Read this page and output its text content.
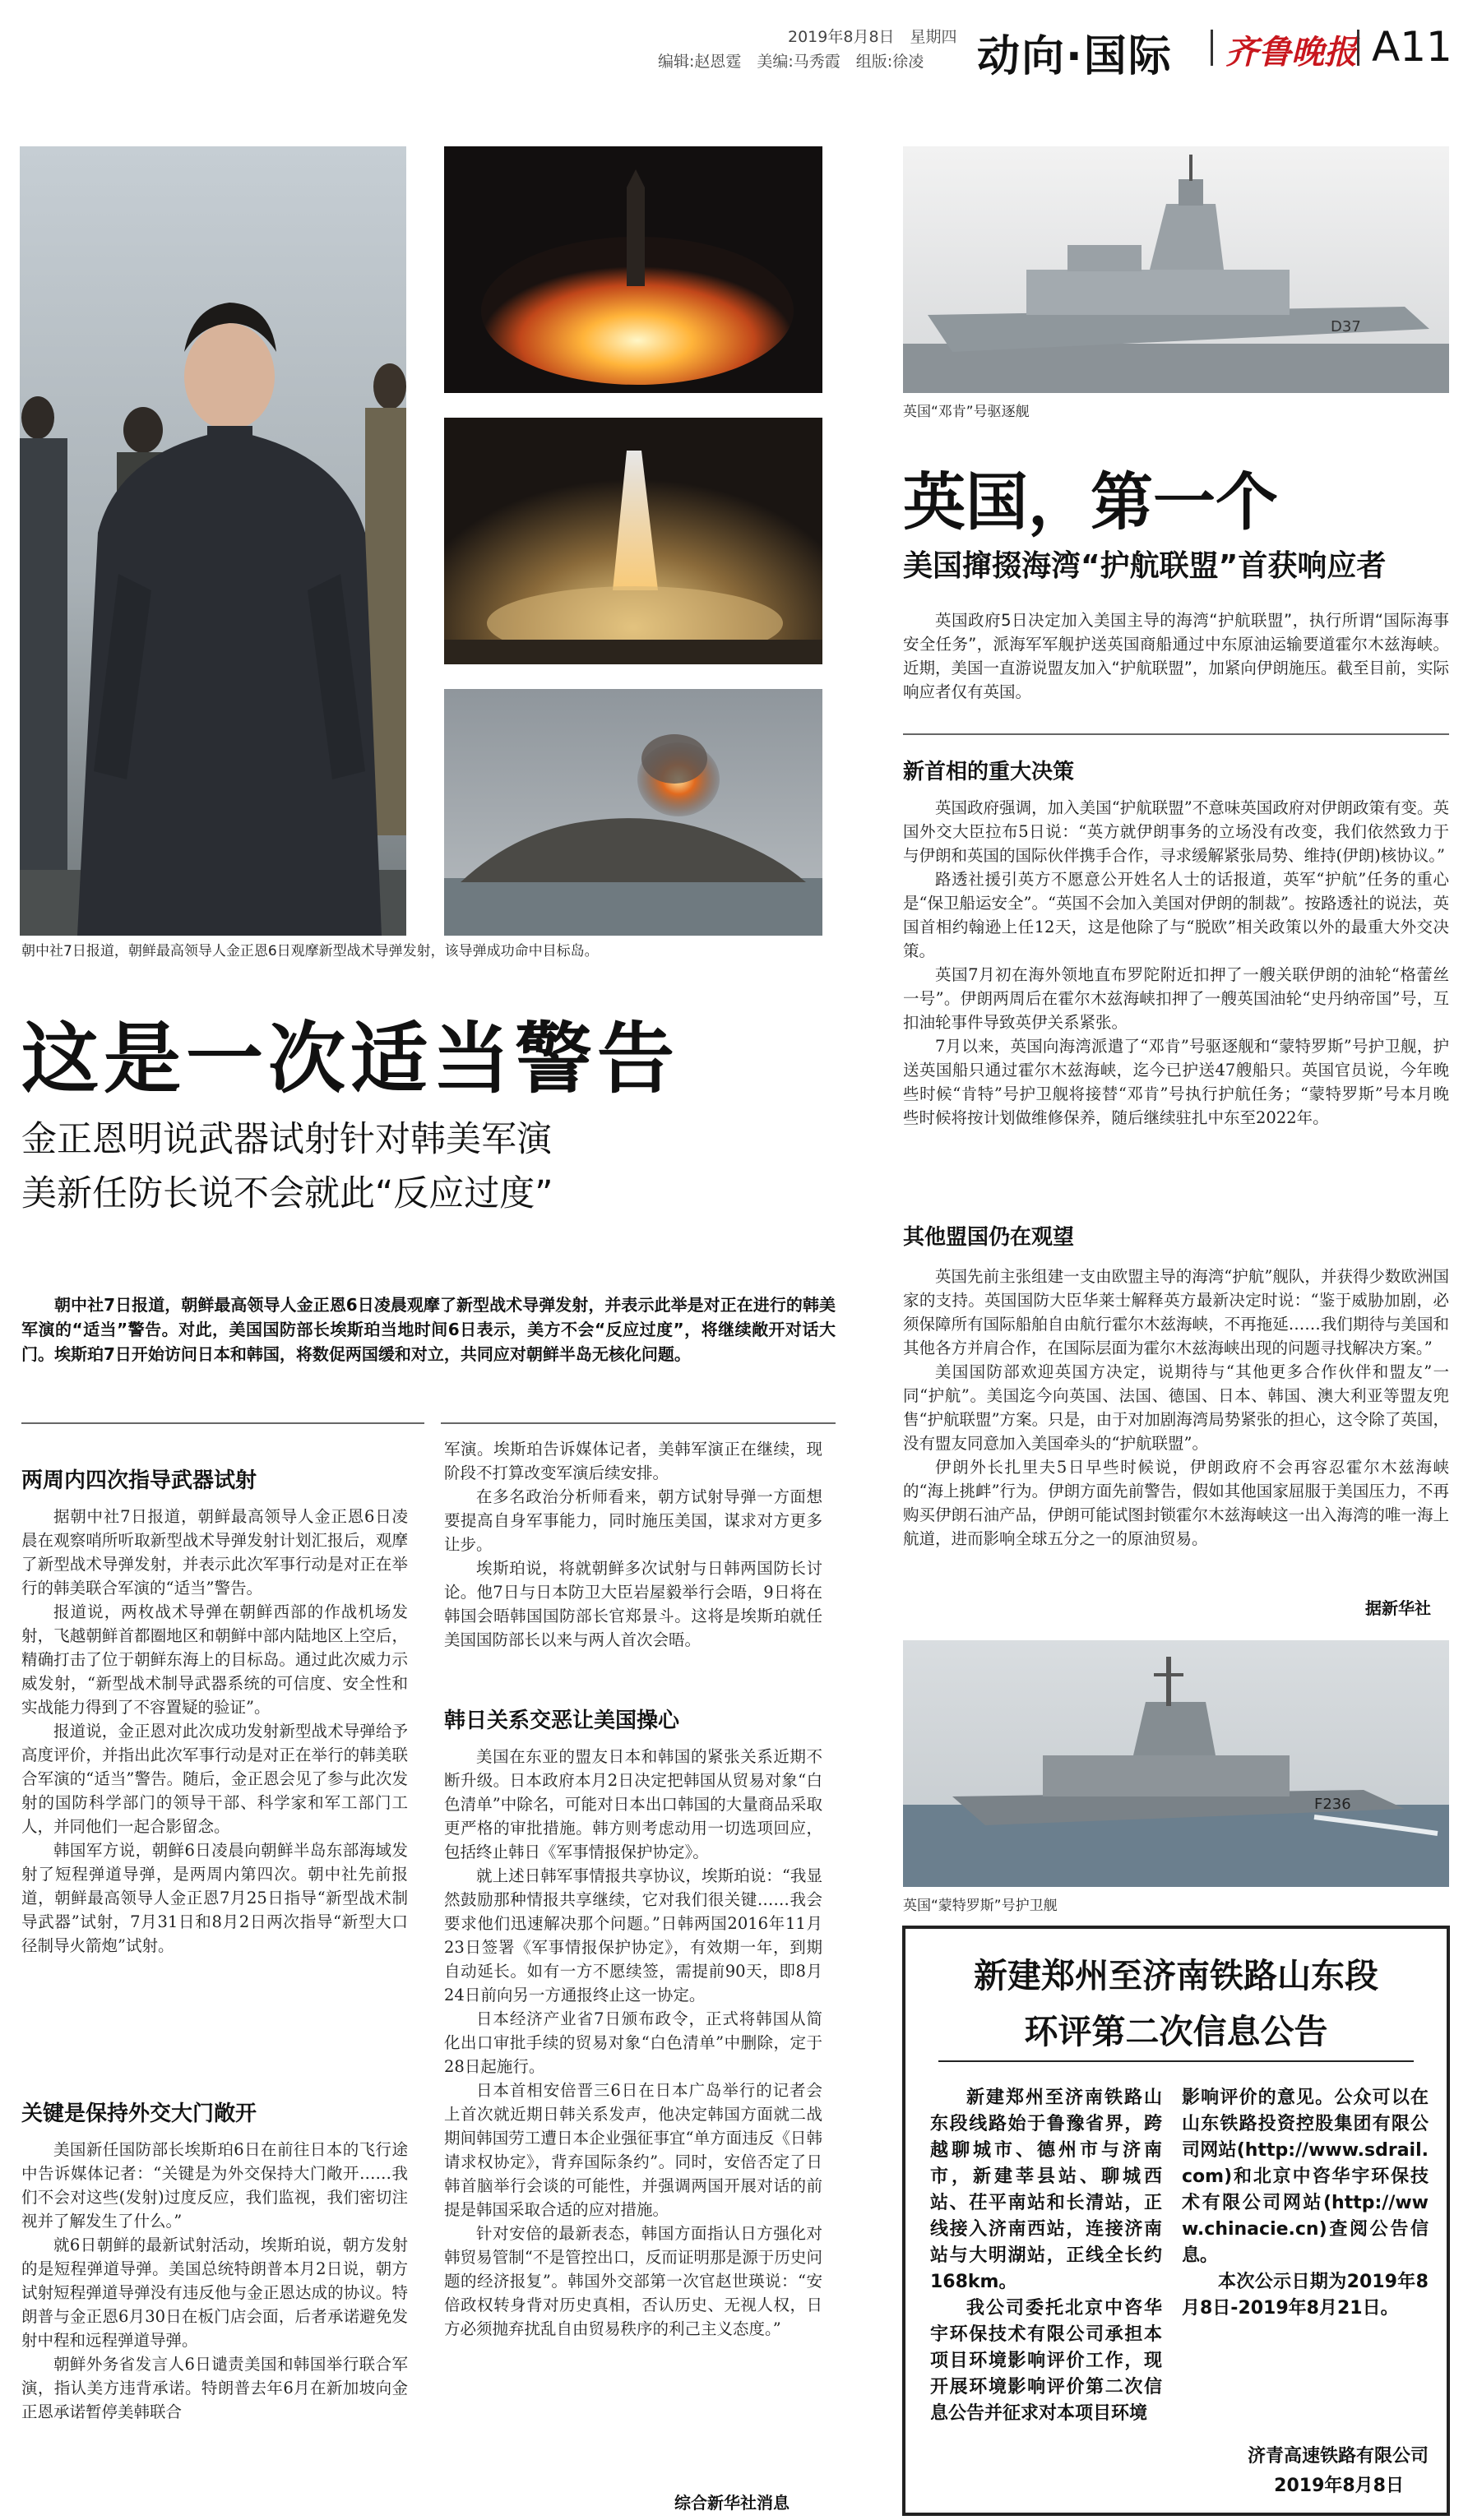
2019年8月8日　星期四
编辑:赵恩霆　美编:马秀霞　组版:徐凌 动向·国际 齐鲁晚报 A11
朝中社7日报道，朝鲜最高领导人金正恩6日观摩新型战术导弹发射，该导弹成功命中目标岛。
D37
英国“邓肯”号驱逐舰
F236
英国“蒙特罗斯”号护卫舰
这是一次适当警告
金正恩明说武器试射针对韩美军演
美新任防长说不会就此“反应过度”
朝中社7日报道，朝鲜最高领导人金正恩6日凌晨观摩了新型战术导弹发射，并表示此举是对正在进行的韩美军演的“适当”警告。对此，美国国防部长埃斯珀当地时间6日表示，美方不会“反应过度”，将继续敞开对话大门。埃斯珀7日开始访问日本和韩国，将数促两国缓和对立，共同应对朝鲜半岛无核化问题。
两周内四次指导武器试射

据朝中社7日报道，朝鲜最高领导人金正恩6日凌晨在观察哨所听取新型战术导弹发射计划汇报后，观摩了新型战术导弹发射，并表示此次军事行动是对正在举行的韩美联合军演的“适当”警告。

报道说，两枚战术导弹在朝鲜西部的作战机场发射，飞越朝鲜首都圈地区和朝鲜中部内陆地区上空后，精确打击了位于朝鲜东海上的目标岛。通过此次威力示威发射，“新型战术制导武器系统的可信度、安全性和实战能力得到了不容置疑的验证”。

报道说，金正恩对此次成功发射新型战术导弹给予高度评价，并指出此次军事行动是对正在举行的韩美联合军演的“适当”警告。随后，金正恩会见了参与此次发射的国防科学部门的领导干部、科学家和军工部门工人，并同他们一起合影留念。

韩国军方说，朝鲜6日凌晨向朝鲜半岛东部海域发射了短程弹道导弹，是两周内第四次。朝中社先前报道，朝鲜最高领导人金正恩7月25日指导“新型战术制导武器”试射，7月31日和8月2日两次指导“新型大口径制导火箭炮”试射。

关键是保持外交大门敞开

美国新任国防部长埃斯珀6日在前往日本的飞行途中告诉媒体记者：“关键是为外交保持大门敞开……我们不会对这些(发射)过度反应，我们监视，我们密切注视并了解发生了什么。”

就6日朝鲜的最新试射活动，埃斯珀说，朝方发射的是短程弹道导弹。美国总统特朗普本月2日说，朝方试射短程弹道导弹没有违反他与金正恩达成的协议。特朗普与金正恩6月30日在板门店会面，后者承诺避免发射中程和远程弹道导弹。

朝鲜外务省发言人6日谴责美国和韩国举行联合军演，指认美方违背承诺。特朗普去年6月在新加坡向金正恩承诺暂停美韩联合

军演。埃斯珀告诉媒体记者，美韩军演正在继续，现阶段不打算改变军演后续安排。

在多名政治分析师看来，朝方试射导弹一方面想要提高自身军事能力，同时施压美国，谋求对方更多让步。

埃斯珀说，将就朝鲜多次试射与日韩两国防长讨论。他7日与日本防卫大臣岩屋毅举行会晤，9日将在韩国会晤韩国国防部长官郑景斗。这将是埃斯珀就任美国国防部长以来与两人首次会晤。

韩日关系交恶让美国操心

美国在东亚的盟友日本和韩国的紧张关系近期不断升级。日本政府本月2日决定把韩国从贸易对象“白色清单”中除名，可能对日本出口韩国的大量商品采取更严格的审批措施。韩方则考虑动用一切选项回应，包括终止韩日《军事情报保护协定》。

就上述日韩军事情报共享协议，埃斯珀说：“我显然鼓励那种情报共享继续，它对我们很关键……我会要求他们迅速解决那个问题。”日韩两国2016年11月23日签署《军事情报保护协定》，有效期一年，到期自动延长。如有一方不愿续签，需提前90天，即8月24日前向另一方通报终止这一协定。

日本经济产业省7日颁布政令，正式将韩国从简化出口审批手续的贸易对象“白色清单”中删除，定于28日起施行。

日本首相安倍晋三6日在日本广岛举行的记者会上首次就近期日韩关系发声，他决定韩国方面就二战期间韩国劳工遭日本企业强征事宜“单方面违反《日韩请求权协定》，背弃国际条约”。同时，安倍否定了日韩首脑举行会谈的可能性，并强调两国开展对话的前提是韩国采取合适的应对措施。

针对安倍的最新表态，韩国方面指认日方强化对韩贸易管制“不是管控出口，反而证明那是源于历史问题的经济报复”。韩国外交部第一次官赵世瑛说：“安倍政权转身背对历史真相，否认历史、无视人权，日方必须抛弃扰乱自由贸易秩序的利己主义态度。”

综合新华社消息
英国，第一个
美国撺掇海湾“护航联盟”首获响应者

英国政府5日决定加入美国主导的海湾“护航联盟”，执行所谓“国际海事安全任务”，派海军军舰护送英国商船通过中东原油运输要道霍尔木兹海峡。近期，美国一直游说盟友加入“护航联盟”，加紧向伊朗施压。截至目前，实际响应者仅有英国。

新首相的重大决策

英国政府强调，加入美国“护航联盟”不意味英国政府对伊朗政策有变。英国外交大臣拉布5日说：“英方就伊朗事务的立场没有改变，我们依然致力于与伊朗和英国的国际伙伴携手合作，寻求缓解紧张局势、维持(伊朗)核协议。”

路透社援引英方不愿意公开姓名人士的话报道，英军“护航”任务的重心是“保卫船运安全”。“英国不会加入美国对伊朗的制裁”。按路透社的说法，英国首相约翰逊上任12天，这是他除了与“脱欧”相关政策以外的最重大外交决策。

英国7月初在海外领地直布罗陀附近扣押了一艘关联伊朗的油轮“格蕾丝一号”。伊朗两周后在霍尔木兹海峡扣押了一艘英国油轮“史丹纳帝国”号，互扣油轮事件导致英伊关系紧张。

7月以来，英国向海湾派遣了“邓肯”号驱逐舰和“蒙特罗斯”号护卫舰，护送英国船只通过霍尔木兹海峡，迄今已护送47艘船只。英国官员说，今年晚些时候“肯特”号护卫舰将接替“邓肯”号执行护航任务；“蒙特罗斯”号本月晚些时候将按计划做维修保养，随后继续驻扎中东至2022年。

其他盟国仍在观望

英国先前主张组建一支由欧盟主导的海湾“护航”舰队，并获得少数欧洲国家的支持。英国国防大臣华莱士解释英方最新决定时说：“鉴于威胁加剧，必须保障所有国际船舶自由航行霍尔木兹海峡，不再拖延……我们期待与美国和其他各方并肩合作，在国际层面为霍尔木兹海峡出现的问题寻找解决方案。”

美国国防部欢迎英国方决定，说期待与“其他更多合作伙伴和盟友”一同“护航”。美国迄今向英国、法国、德国、日本、韩国、澳大利亚等盟友兜售“护航联盟”方案。只是，由于对加剧海湾局势紧张的担心，这令除了英国，没有盟友同意加入美国牵头的“护航联盟”。

伊朗外长扎里夫5日早些时候说，伊朗政府不会再容忍霍尔木兹海峡的“海上挑衅”行为。伊朗方面先前警告，假如其他国家屈服于美国压力，不再购买伊朗石油产品，伊朗可能试图封锁霍尔木兹海峡这一出入海湾的唯一海上航道，进而影响全球五分之一的原油贸易。

据新华社
新建郑州至济南铁路山东段
环评第二次信息公告

新建郑州至济南铁路山东段线路始于鲁豫省界，跨越聊城市、德州市与济南市，新建莘县站、聊城西站、茌平南站和长清站，正线接入济南西站，连接济南站与大明湖站，正线全长约168km。

我公司委托北京中咨华宇环保技术有限公司承担本项目环境影响评价工作，现开展环境影响评价第二次信息公告并征求对本项目环境

影响评价的意见。公众可以在山东铁路投资控股集团有限公司网站(http://www.sdrail.com)和北京中咨华宇环保技术有限公司网站(http://www.chinacie.cn)查阅公告信息。

本次公示日期为2019年8月8日-2019年8月21日。

济青高速铁路有限公司
2019年8月8日
